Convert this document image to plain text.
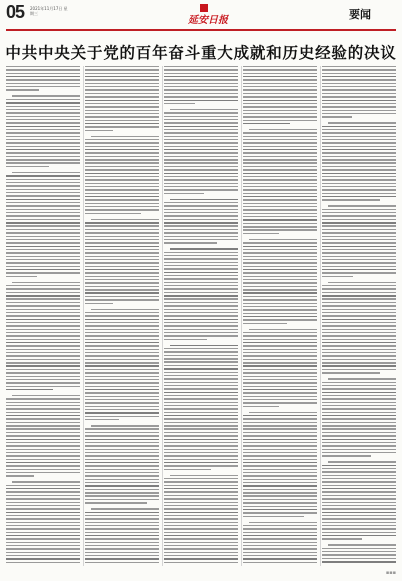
05 2021年11月17日 星期三
延安日报	要闻
中共中央关于党的百年奋斗重大成就和历史经验的决议
▪▪▪
